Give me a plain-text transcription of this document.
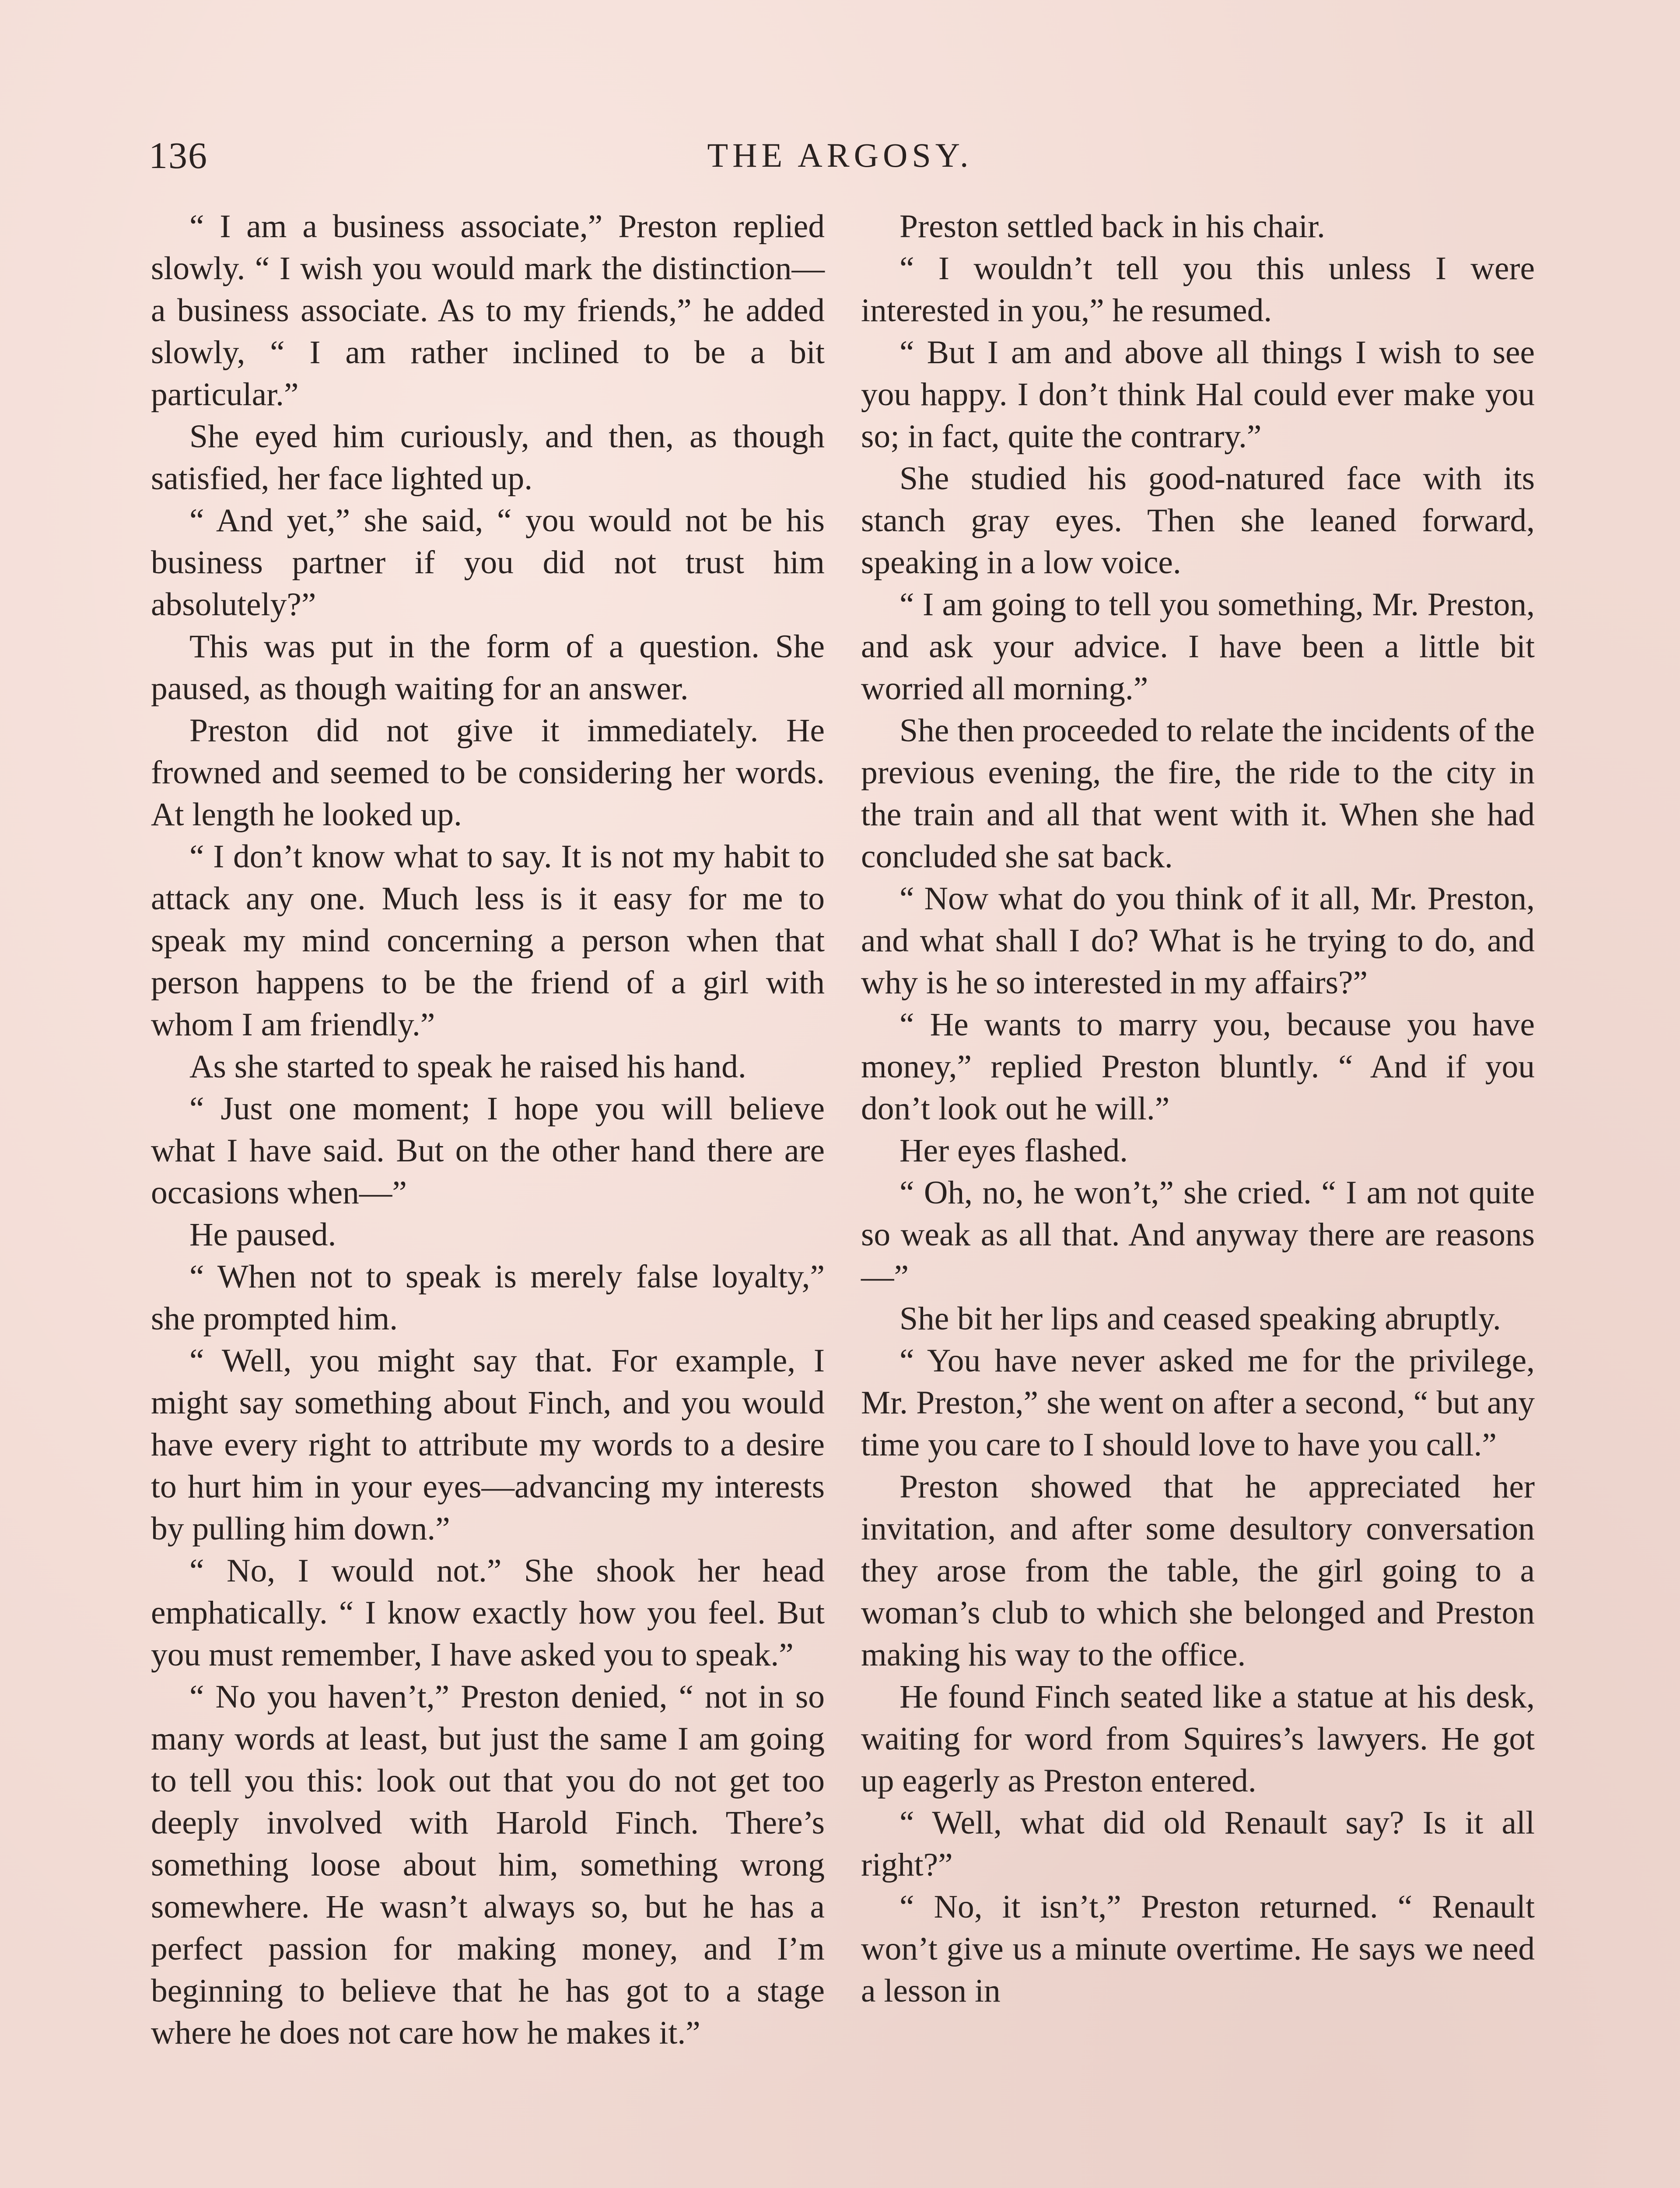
136	THE ARGOSY.

“ I am a business associate,” Preston replied slowly. “ I wish you would mark the distinction—a business associate. As to my friends,” he added slowly, “ I am rather inclined to be a bit particular.”

She eyed him curiously, and then, as though satisfied, her face lighted up.

“ And yet,” she said, “ you would not be his business partner if you did not trust him absolutely?”

This was put in the form of a question. She paused, as though waiting for an answer.

Preston did not give it immediately. He frowned and seemed to be considering her words. At length he looked up.

“ I don’t know what to say. It is not my habit to attack any one. Much less is it easy for me to speak my mind concerning a person when that person happens to be the friend of a girl with whom I am friendly.”

As she started to speak he raised his hand.

“ Just one moment; I hope you will believe what I have said. But on the other hand there are occasions when—”

He paused.

“ When not to speak is merely false loyalty,” she prompted him.

“ Well, you might say that. For example, I might say something about Finch, and you would have every right to attribute my words to a desire to hurt him in your eyes—advancing my interests by pulling him down.”

“ No, I would not.” She shook her head emphatically. “ I know exactly how you feel. But you must remember, I have asked you to speak.”

“ No you haven’t,” Preston denied, “ not in so many words at least, but just the same I am going to tell you this: look out that you do not get too deeply involved with Harold Finch. There’s something loose about him, something wrong somewhere. He wasn’t always so, but he has a perfect passion for making money, and I’m beginning to believe that he has got to a stage where he does not care how he makes it.”

Preston settled back in his chair.

“ I wouldn’t tell you this unless I were interested in you,” he resumed.

“ But I am and above all things I wish to see you happy. I don’t think Hal could ever make you so; in fact, quite the contrary.”

She studied his good-natured face with its stanch gray eyes. Then she leaned forward, speaking in a low voice.

“ I am going to tell you something, Mr. Preston, and ask your advice. I have been a little bit worried all morning.”

She then proceeded to relate the incidents of the previous evening, the fire, the ride to the city in the train and all that went with it. When she had concluded she sat back.

“ Now what do you think of it all, Mr. Preston, and what shall I do? What is he trying to do, and why is he so interested in my affairs?”

“ He wants to marry you, because you have money,” replied Preston bluntly. “ And if you don’t look out he will.”

Her eyes flashed.

“ Oh, no, he won’t,” she cried. “ I am not quite so weak as all that. And anyway there are reasons—”

She bit her lips and ceased speaking abruptly.

“ You have never asked me for the privilege, Mr. Preston,” she went on after a second, “ but any time you care to I should love to have you call.”

Preston showed that he appreciated her invitation, and after some desultory conversation they arose from the table, the girl going to a woman’s club to which she belonged and Preston making his way to the office.

He found Finch seated like a statue at his desk, waiting for word from Squires’s lawyers. He got up eagerly as Preston entered.

“ Well, what did old Renault say? Is it all right?”

“ No, it isn’t,” Preston returned. “ Renault won’t give us a minute overtime. He says we need a lesson in
